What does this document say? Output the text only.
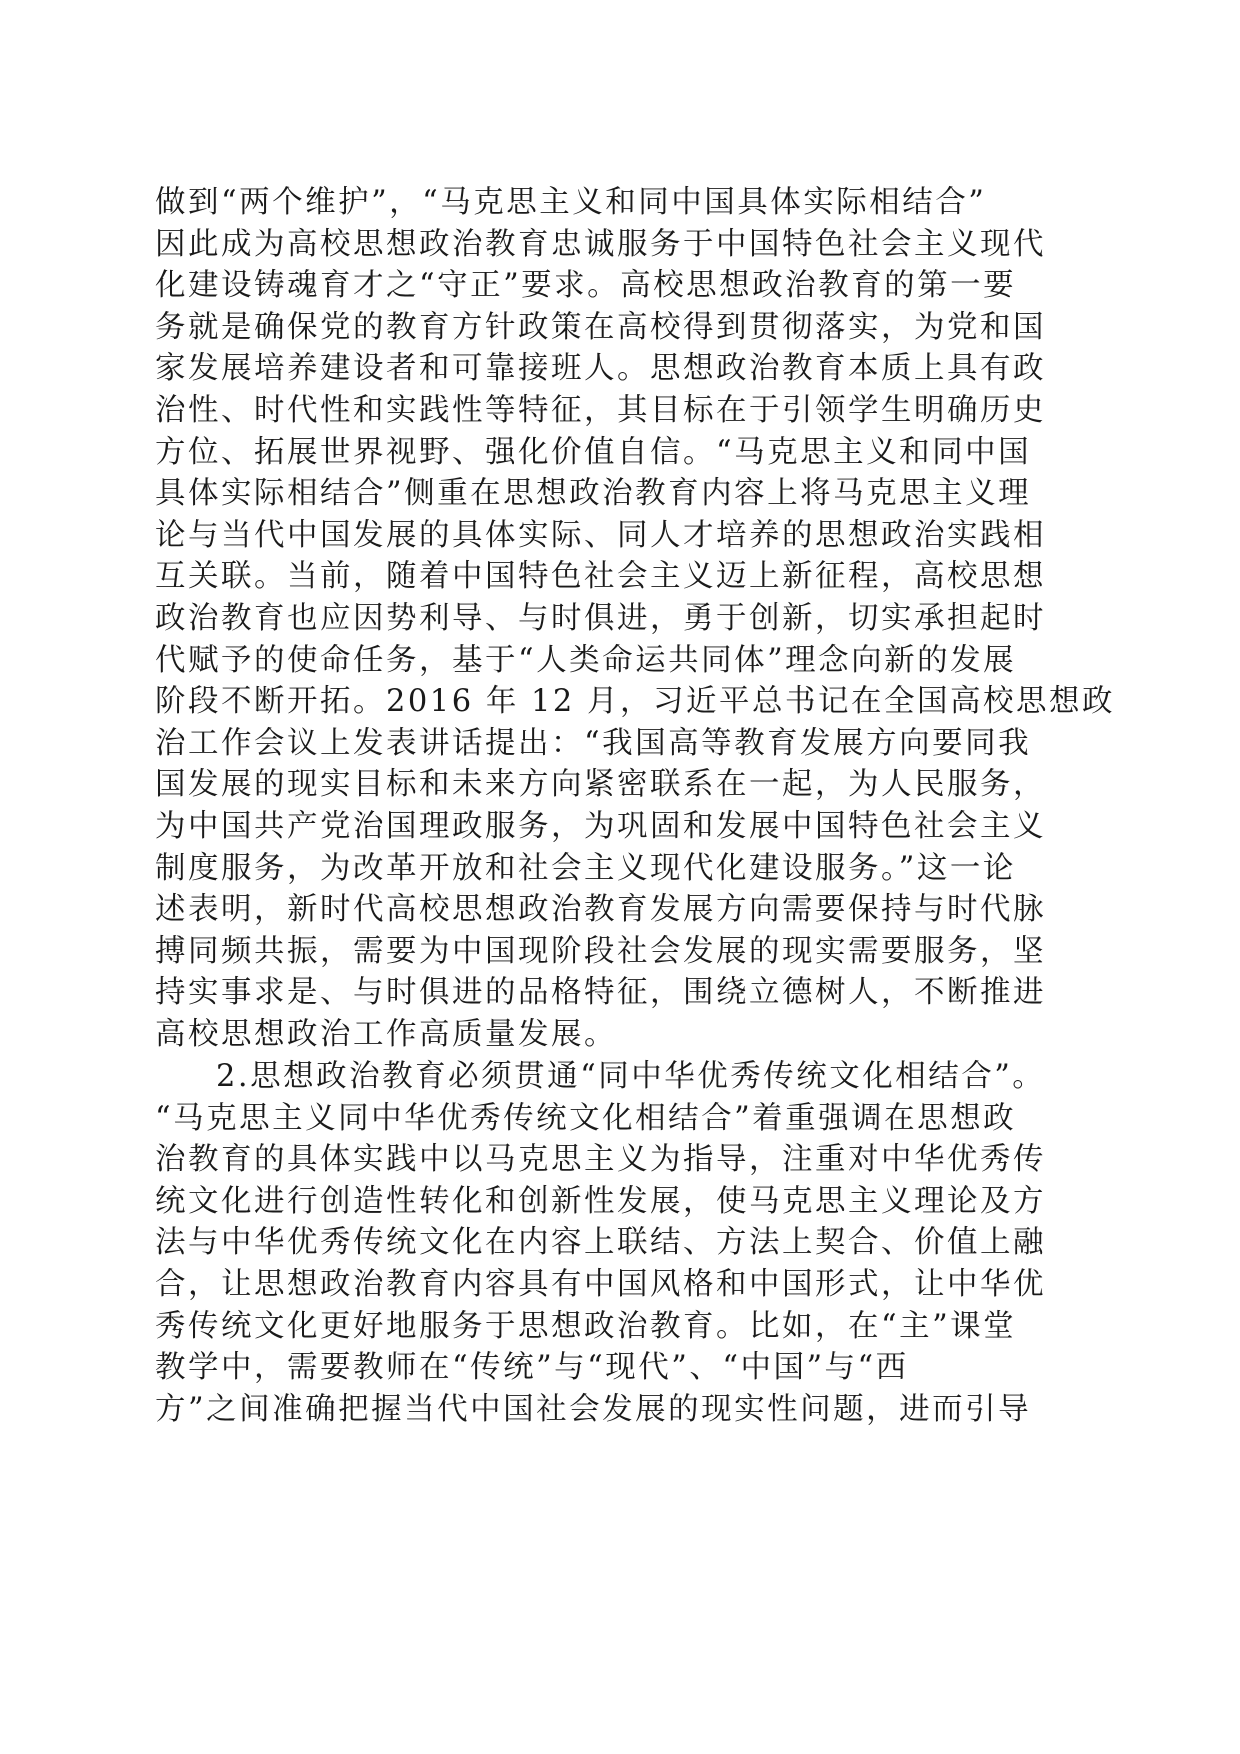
做到“两个维护”，“马克思主义和同中国具体实际相结合”
因此成为高校思想政治教育忠诚服务于中国特色社会主义现代
化建设铸魂育才之“守正”要求。高校思想政治教育的第一要
务就是确保党的教育方针政策在高校得到贯彻落实，为党和国
家发展培养建设者和可靠接班人。思想政治教育本质上具有政
治性、时代性和实践性等特征，其目标在于引领学生明确历史
方位、拓展世界视野、强化价值自信。“马克思主义和同中国
具体实际相结合”侧重在思想政治教育内容上将马克思主义理
论与当代中国发展的具体实际、同人才培养的思想政治实践相
互关联。当前，随着中国特色社会主义迈上新征程，高校思想
政治教育也应因势利导、与时俱进，勇于创新，切实承担起时
代赋予的使命任务，基于“人类命运共同体”理念向新的发展
阶段不断开拓。2016 年 12 月，习近平总书记在全国高校思想政
治工作会议上发表讲话提出：“我国高等教育发展方向要同我
国发展的现实目标和未来方向紧密联系在一起，为人民服务，
为中国共产党治国理政服务，为巩固和发展中国特色社会主义
制度服务，为改革开放和社会主义现代化建设服务。”这一论
述表明，新时代高校思想政治教育发展方向需要保持与时代脉
搏同频共振，需要为中国现阶段社会发展的现实需要服务，坚
持实事求是、与时俱进的品格特征，围绕立德树人，不断推进
高校思想政治工作高质量发展。
2.思想政治教育必须贯通“同中华优秀传统文化相结合”。
“马克思主义同中华优秀传统文化相结合”着重强调在思想政
治教育的具体实践中以马克思主义为指导，注重对中华优秀传
统文化进行创造性转化和创新性发展，使马克思主义理论及方
法与中华优秀传统文化在内容上联结、方法上契合、价值上融
合，让思想政治教育内容具有中国风格和中国形式，让中华优
秀传统文化更好地服务于思想政治教育。比如，在“主”课堂
教学中，需要教师在“传统”与“现代”、“中国”与“西
方”之间准确把握当代中国社会发展的现实性问题，进而引导
